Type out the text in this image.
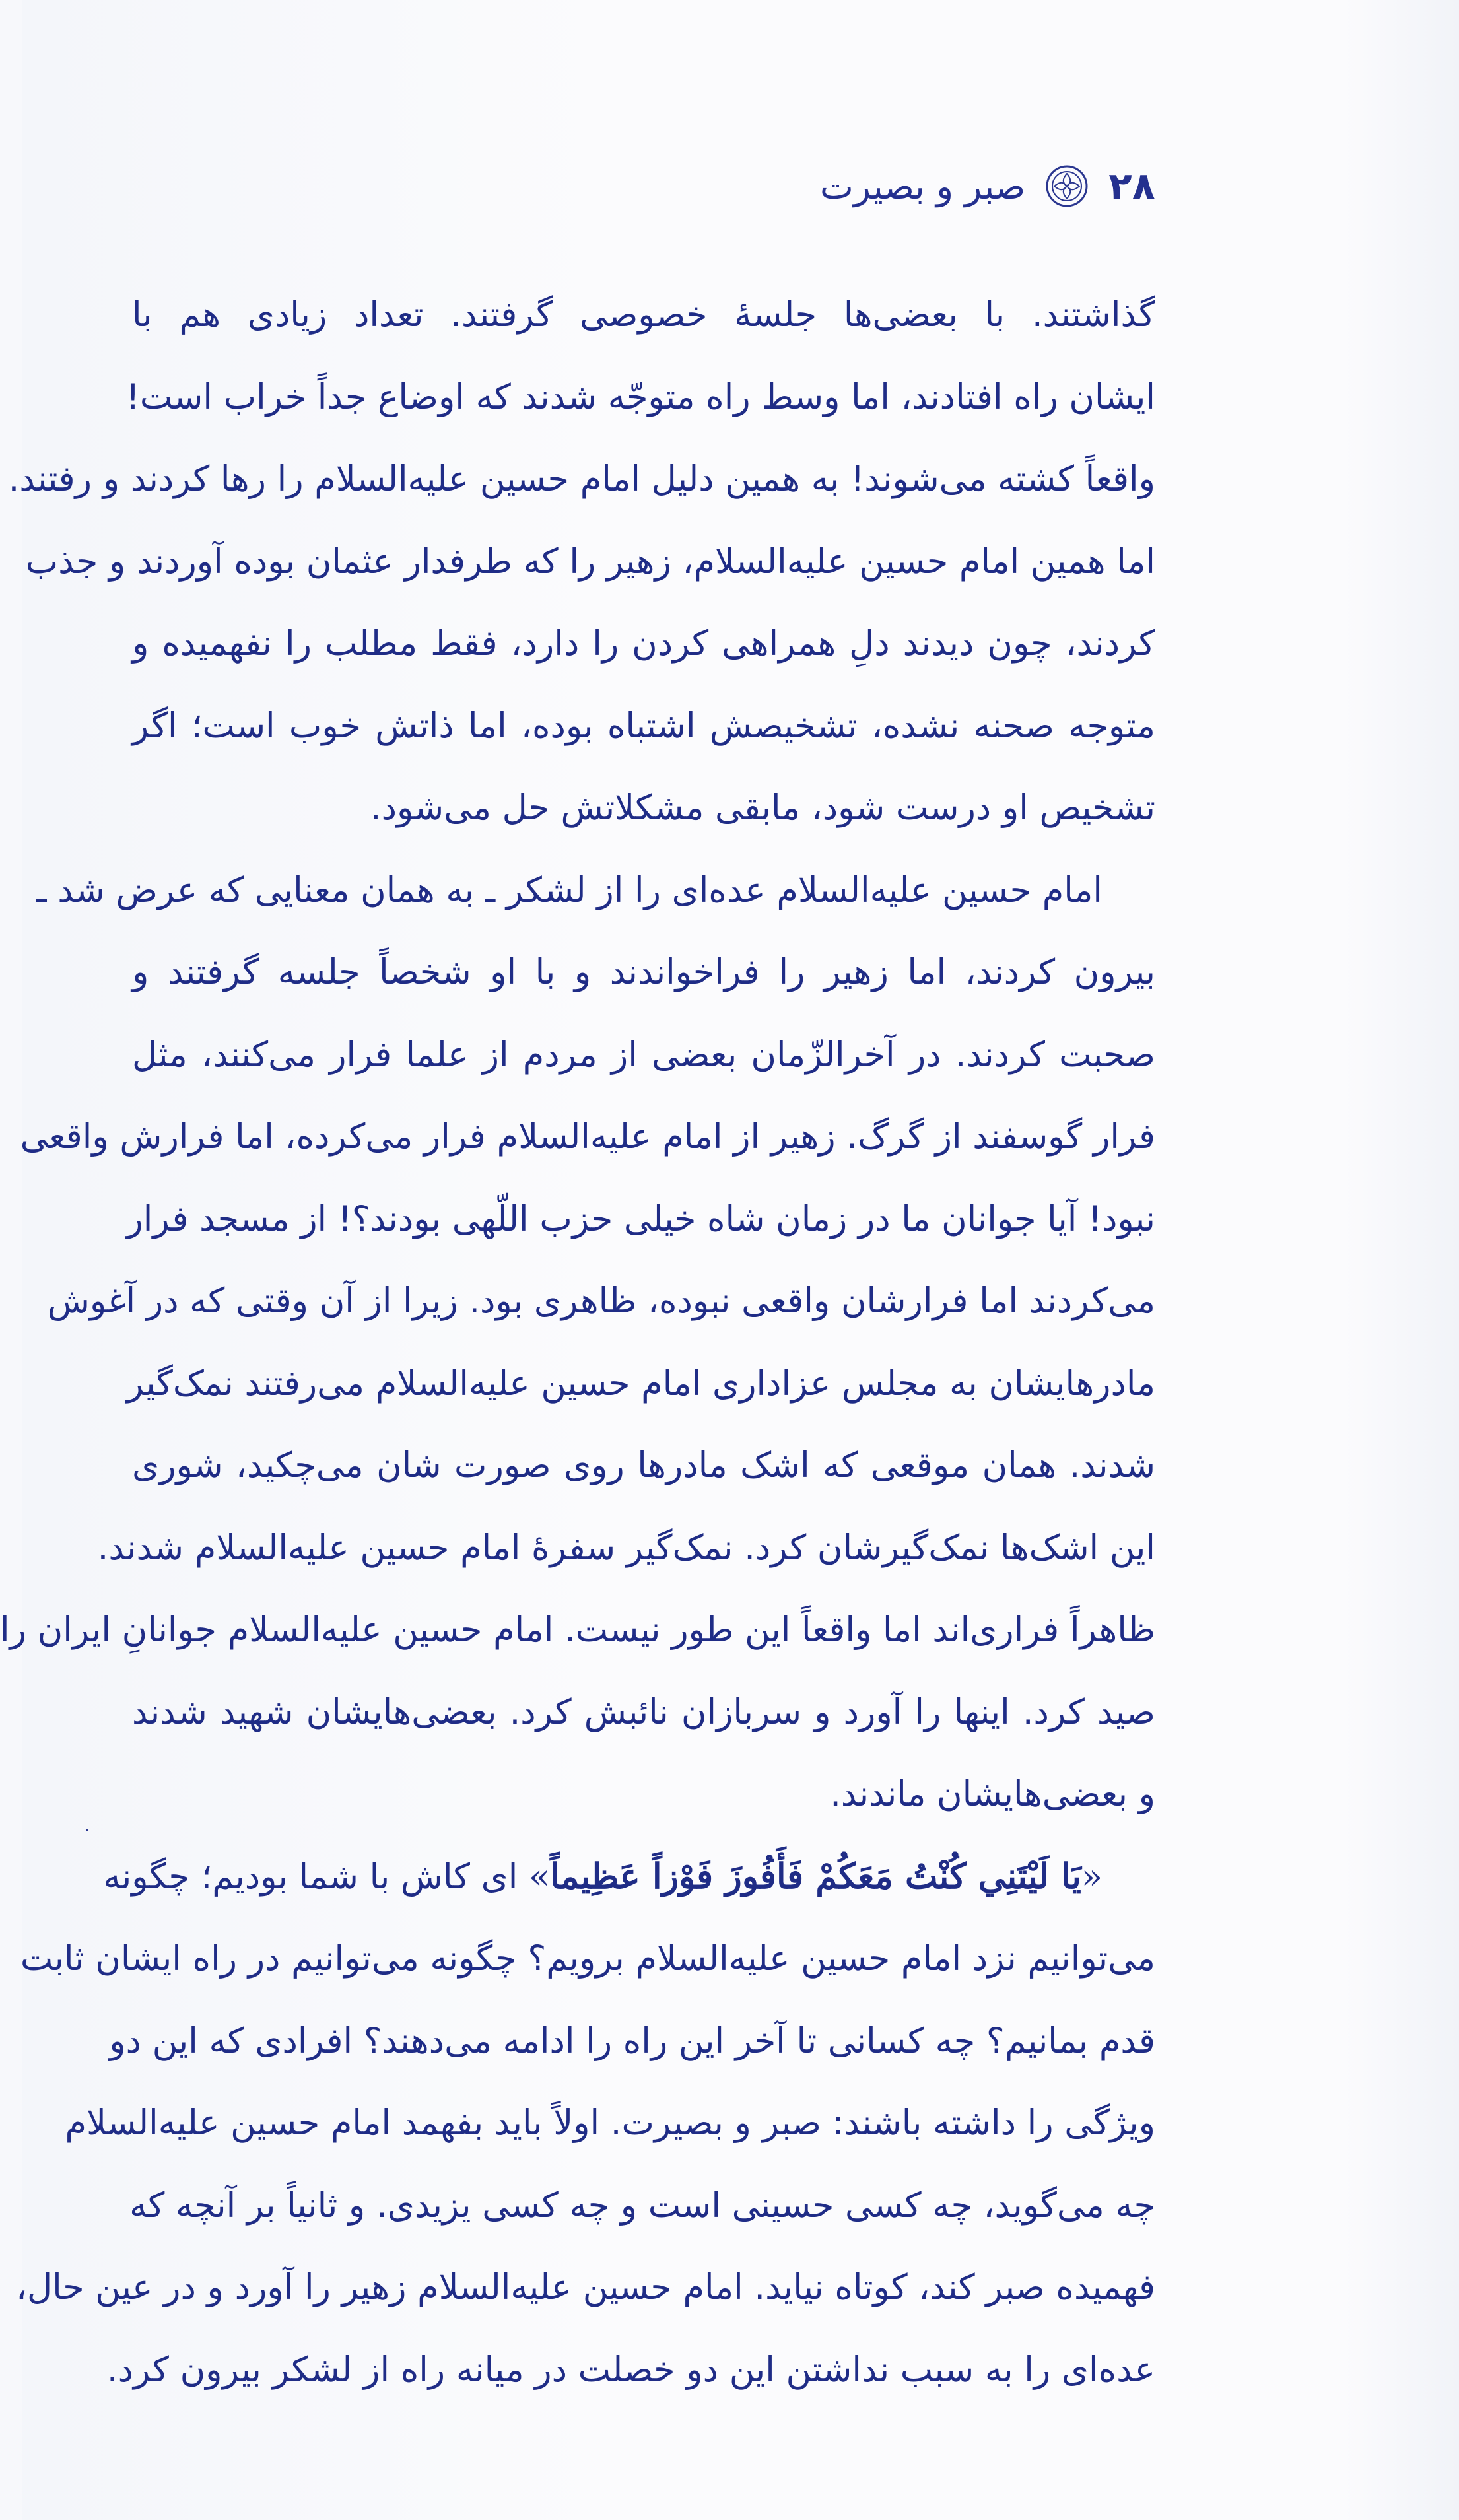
۲۸
صبر و بصیرت
گذاشتند. با بعضی‌ها جلسهٔ خصوصی گرفتند. تعداد زیادی هم با
ایشان راه افتادند، اما وسط راه متوجّه شدند که اوضاع جداً خراب است!
واقعاً کشته می‌شوند! به همین دلیل امام حسین علیه‌السلام را رها کردند و رفتند.
اما همین امام حسین علیه‌السلام، زهیر را که طرفدار عثمان بوده آوردند و جذب
کردند، چون دیدند دلِ همراهی کردن را دارد، فقط مطلب را نفهمیده و
متوجه صحنه نشده، تشخیصش اشتباه بوده، اما ذاتش خوب است؛ اگر
تشخیص او درست شود، مابقی مشکلاتش حل می‌شود.
امام حسین علیه‌السلام عده‌ای را از لشکر ـ به همان معنایی که عرض شد ـ
بیرون کردند، اما زهیر را فراخواندند و با او شخصاً جلسه گرفتند و
صحبت کردند. در آخرالزّمان بعضی از مردم از علما فرار می‌کنند، مثل
فرار گوسفند از گرگ. زهیر از امام علیه‌السلام فرار می‌کرده، اما فرارش واقعی
نبود! آیا جوانان ما در زمان شاه خیلی حزب اللّهی بودند؟! از مسجد فرار
می‌کردند اما فرارشان واقعی نبوده، ظاهری بود. زیرا از آن وقتی که در آغوش
مادرهایشان به مجلس عزاداری امام حسین علیه‌السلام می‌رفتند نمک‌گیر
شدند. همان موقعی که اشک مادرها روی صورت شان می‌چکید، شوری
این اشک‌ها نمک‌گیرشان کرد. نمک‌گیر سفرهٔ امام حسین علیه‌السلام شدند.
ظاهراً فراری‌اند اما واقعاً این طور نیست. امام حسین علیه‌السلام جوانانِ ایران را
صید کرد. اینها را آورد و سربازان نائبش کرد. بعضی‌هایشان شهید شدند
و بعضی‌هایشان ماندند.
«يَا لَيْتَنِي كُنْتُ مَعَكُمْ فَأَفُوزَ فَوْزاً عَظِيماً» ای کاش با شما بودیم؛ چگونه
می‌توانیم نزد امام حسین علیه‌السلام برویم؟ چگونه می‌توانیم در راه ایشان ثابت
قدم بمانیم؟ چه کسانی تا آخر این راه را ادامه می‌دهند؟ افرادی که این دو
ویژگی را داشته باشند: صبر و بصیرت. اولاً باید بفهمد امام حسین علیه‌السلام
چه می‌گوید، چه کسی حسینی است و چه کسی یزیدی. و ثانیاً بر آنچه که
فهمیده صبر کند، کوتاه نیاید. امام حسین علیه‌السلام زهیر را آورد و در عین حال،
عده‌ای را به سبب نداشتن این دو خصلت در میانه راه از لشکر بیرون کرد.
